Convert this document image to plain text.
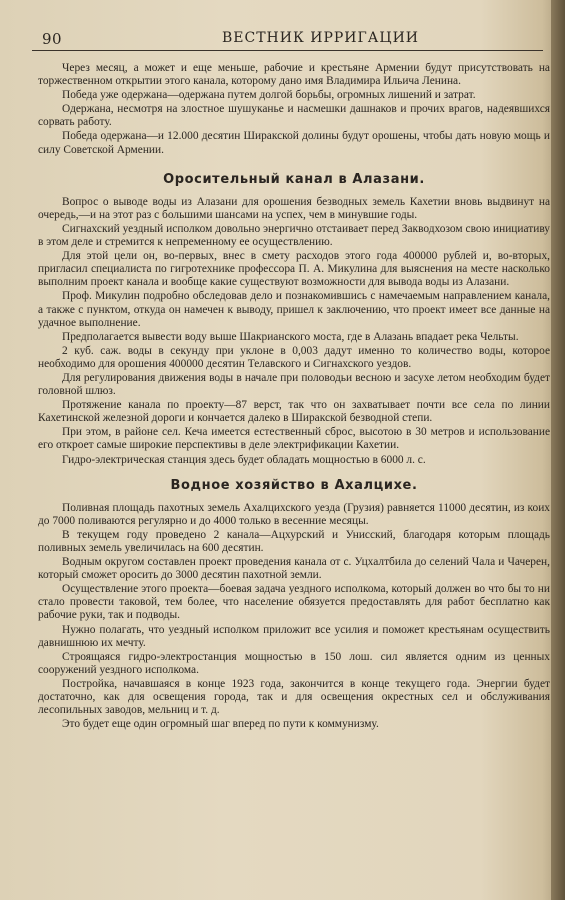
90	ВЕСТНИК ИРРИГАЦИИ

Через месяц, а может и еще меньше, рабочие и крестьяне Армении будут присутствовать на торжественном открытии этого канала, которому дано имя Владимира Ильича Ленина.

Победа уже одержана—одержана путем долгой борьбы, огромных лишений и затрат.

Одержана, несмотря на злостное шушуканье и насмешки дашнаков и прочих врагов, надеявшихся сорвать работу.

Победа одержана—и 12.000 десятин Ширакской долины будут орошены, чтобы дать новую мощь и силу Советской Армении.

Оросительный канал в Алазани.

Вопрос о выводе воды из Алазани для орошения безводных земель Кахетии вновь выдвинут на очередь,—и на этот раз с большими шансами на успех, чем в минувшие годы.

Сигнахский уездный исполком довольно энергично отстаивает перед Закводхозом свою инициативу в этом деле и стремится к непременному ее осуществлению.

Для этой цели он, во-первых, внес в смету расходов этого года 400000 рублей и, во-вторых, пригласил специалиста по гигротехнике профессора П. А. Микулина для выяснения на месте насколько выполним проект канала и вообще какие существуют возможности для вывода воды из Алазани.

Проф. Микулин подробно обследовав дело и познакомившись с намечаемым направлением канала, а также с пунктом, откуда он намечен к выводу, пришел к заключению, что проект имеет все данные на удачное выполнение.

Предполагается вывести воду выше Шакрианского моста, где в Алазань впадает река Чельты.

2 куб. саж. воды в секунду при уклоне в 0,003 дадут именно то количество воды, которое необходимо для орошения 400000 десятин Телавского и Сигнахского уездов.

Для регулирования движения воды в начале при половодьи весною и засухе летом необходим будет головной шлюз.

Протяжение канала по проекту—87 верст, так что он захватывает почти все села по линии Кахетинской железной дороги и кончается далеко в Ширакской безводной степи.

При этом, в районе сел. Кеча имеется естественный сброс, высотою в 30 метров и использование его откроет самые широкие перспективы в деле электрификации Кахетии.

Гидро-электрическая станция здесь будет обладать мощностью в 6000 л. с.

Водное хозяйство в Ахалцихе.

Поливная площадь пахотных земель Ахалцихского уезда (Грузия) равняется 11000 десятин, из коих до 7000 поливаются регулярно и до 4000 только в весенние месяцы.

В текущем году проведено 2 канала—Ацхурский и Унисский, благодаря которым площадь поливных земель увеличилась на 600 десятин.

Водным округом составлен проект проведения канала от с. Уцхалтбила до селений Чала и Чачерен, который сможет оросить до 3000 десятин пахотной земли.

Осуществление этого проекта—боевая задача уездного исполкома, который должен во что бы то ни стало провести таковой, тем более, что население обязуется предоставлять для работ бесплатно как рабочие руки, так и подводы.

Нужно полагать, что уездный исполком приложит все усилия и поможет крестьянам осуществить давнишнюю их мечту.

Строящаяся гидро-электростанция мощностью в 150 лош. сил является одним из ценных сооружений уездного исполкома.

Постройка, начавшаяся в конце 1923 года, закончится в конце текущего года. Энергии будет достаточно, как для освещения города, так и для освещения окрестных сел и обслуживания лесопильных заводов, мельниц и т. д.

Это будет еще один огромный шаг вперед по пути к коммунизму.
